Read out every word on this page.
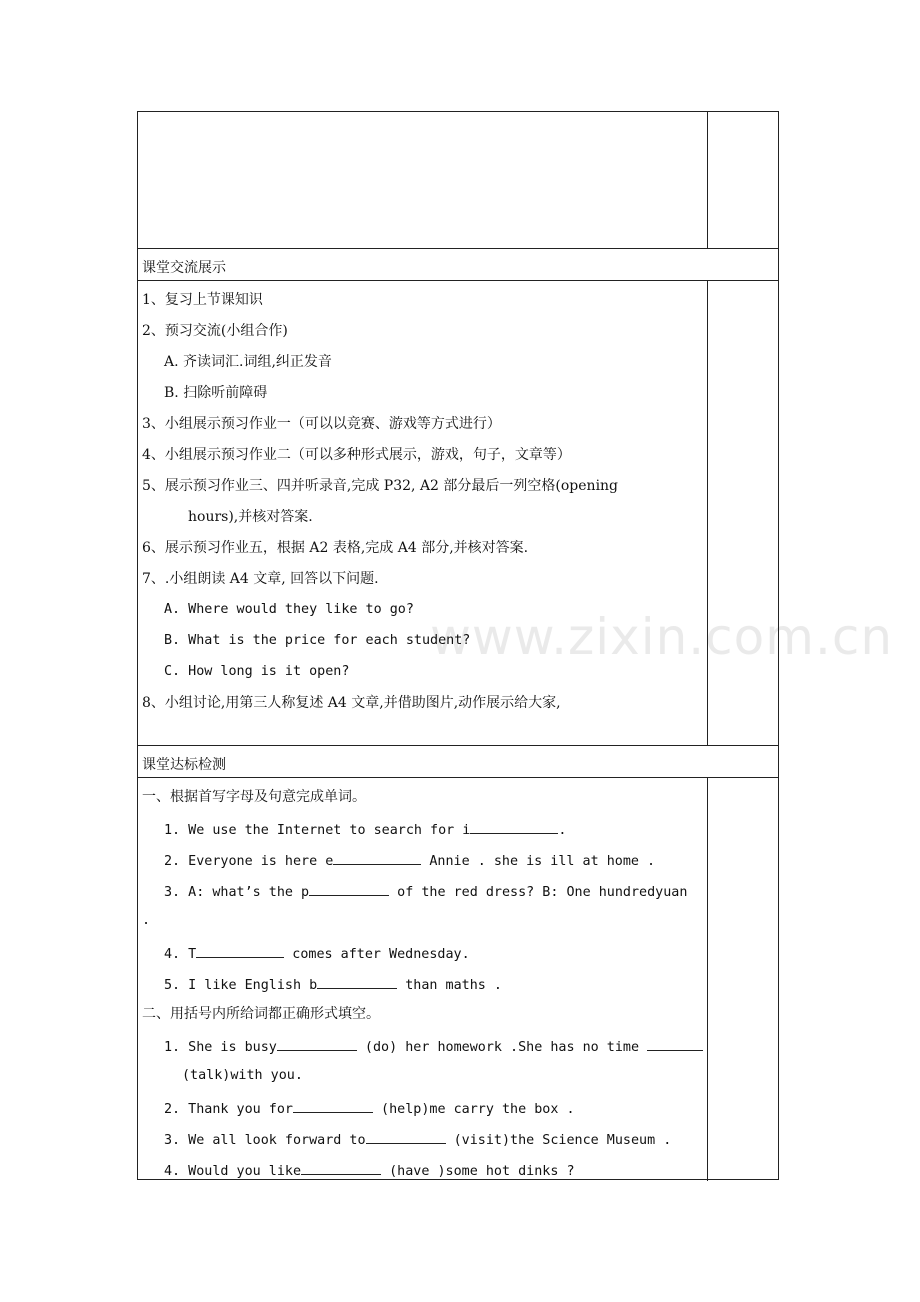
www.zixin.com.cn
课堂交流展示
1、复习上节课知识
2、预习交流(小组合作)
A. 齐读词汇.词组,纠正发音
B. 扫除听前障碍
3、小组展示预习作业一（可以以竞赛、游戏等方式进行）
4、小组展示预习作业二（可以多种形式展示，游戏，句子，文章等）
5、展示预习作业三、四并听录音,完成 P32, A2 部分最后一列空格(opening
hours),并核对答案.
6、展示预习作业五，根据 A2 表格,完成 A4 部分,并核对答案.
7、.小组朗读 A4 文章, 回答以下问题.
A. Where would they like to go?
B. What is the price for each student?
C. How long is it open?
8、小组讨论,用第三人称复述 A4 文章,并借助图片,动作展示给大家,
课堂达标检测
一、根据首写字母及句意完成单词。
1. We use the Internet to search for i	.
2. Everyone is here e	Annie . she is ill at home .
3. A: what’s the p	of the red dress? B: One hundredyuan
.
4. T	comes after Wednesday.
5. I like English b	than maths .
二、用括号内所给词都正确形式填空。
1. She is busy	(do) her homework .She has no time
(talk)with you.
2. Thank you for	(help)me carry the box .
3. We all look forward to	(visit)the Science Museum .
4. Would you like	(have )some hot dinks ?
